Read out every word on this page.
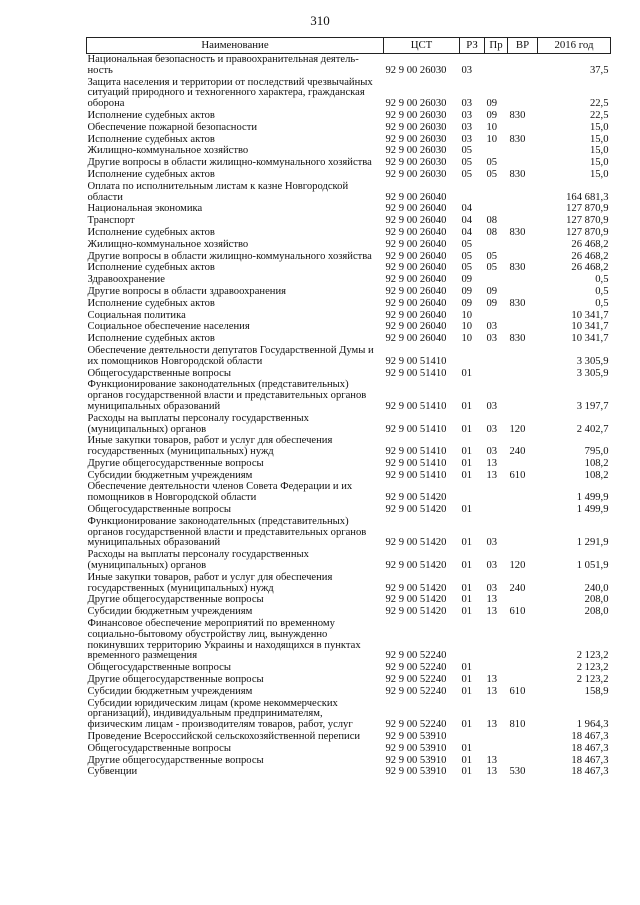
310
Наименование	ЦСТ	РЗ	Пр	ВР	2016 год
Национальная безопасность и правоохранительная деятель-ность	92 9 00 26030	03			37,5
Защита населения и территории от последствий чрезвычайных ситуаций природного и техногенного характера, гражданская оборона	92 9 00 26030	03	09		22,5
Исполнение судебных актов	92 9 00 26030	03	09	830	22,5
Обеспечение пожарной безопасности	92 9 00 26030	03	10		15,0
Исполнение судебных актов	92 9 00 26030	03	10	830	15,0
Жилищно-коммунальное хозяйство	92 9 00 26030	05			15,0
Другие вопросы в области жилищно-коммунального хозяйства	92 9 00 26030	05	05		15,0
Исполнение судебных актов	92 9 00 26030	05	05	830	15,0
Оплата по исполнительным листам к казне Новгородской области	92 9 00 26040				164 681,3
Национальная экономика	92 9 00 26040	04			127 870,9
Транспорт	92 9 00 26040	04	08		127 870,9
Исполнение судебных актов	92 9 00 26040	04	08	830	127 870,9
Жилищно-коммунальное хозяйство	92 9 00 26040	05			26 468,2
Другие вопросы в области жилищно-коммунального хозяйства	92 9 00 26040	05	05		26 468,2
Исполнение судебных актов	92 9 00 26040	05	05	830	26 468,2
Здравоохранение	92 9 00 26040	09			0,5
Другие вопросы в области здравоохранения	92 9 00 26040	09	09		0,5
Исполнение судебных актов	92 9 00 26040	09	09	830	0,5
Социальная политика	92 9 00 26040	10			10 341,7
Социальное обеспечение населения	92 9 00 26040	10	03		10 341,7
Исполнение судебных актов	92 9 00 26040	10	03	830	10 341,7
Обеспечение деятельности депутатов Государственной Думы и их помощников Новгородской области	92 9 00 51410				3 305,9
Общегосударственные вопросы	92 9 00 51410	01			3 305,9
Функционирование законодательных (представительных) органов государственной власти и представительных органов муниципальных образований	92 9 00 51410	01	03		3 197,7
Расходы на выплаты персоналу государственных (муниципальных) органов	92 9 00 51410	01	03	120	2 402,7
Иные закупки товаров, работ и услуг для обеспечения государственных (муниципальных) нужд	92 9 00 51410	01	03	240	795,0
Другие общегосударственные вопросы	92 9 00 51410	01	13		108,2
Субсидии бюджетным учреждениям	92 9 00 51410	01	13	610	108,2
Обеспечение деятельности членов Совета Федерации и их помощников в Новгородской области	92 9 00 51420				1 499,9
Общегосударственные вопросы	92 9 00 51420	01			1 499,9
Функционирование законодательных (представительных) органов государственной власти и представительных органов муниципальных образований	92 9 00 51420	01	03		1 291,9
Расходы на выплаты персоналу государственных (муниципальных) органов	92 9 00 51420	01	03	120	1 051,9
Иные закупки товаров, работ и услуг для обеспечения государственных (муниципальных) нужд	92 9 00 51420	01	03	240	240,0
Другие общегосударственные вопросы	92 9 00 51420	01	13		208,0
Субсидии бюджетным учреждениям	92 9 00 51420	01	13	610	208,0
Финансовое обеспечение мероприятий по временному социально-бытовому обустройству лиц, вынужденно покинувших территорию Украины и находящихся в пунктах временного размещения	92 9 00 52240				2 123,2
Общегосударственные вопросы	92 9 00 52240	01			2 123,2
Другие общегосударственные вопросы	92 9 00 52240	01	13		2 123,2
Субсидии бюджетным учреждениям	92 9 00 52240	01	13	610	158,9
Субсидии юридическим лицам (кроме некоммерческих организаций), индивидуальным предпринимателям, физическим лицам - производителям товаров, работ, услуг	92 9 00 52240	01	13	810	1 964,3
Проведение Всероссийской сельскохозяйственной переписи	92 9 00 53910				18 467,3
Общегосударственные вопросы	92 9 00 53910	01			18 467,3
Другие общегосударственные вопросы	92 9 00 53910	01	13		18 467,3
Субвенции	92 9 00 53910	01	13	530	18 467,3
